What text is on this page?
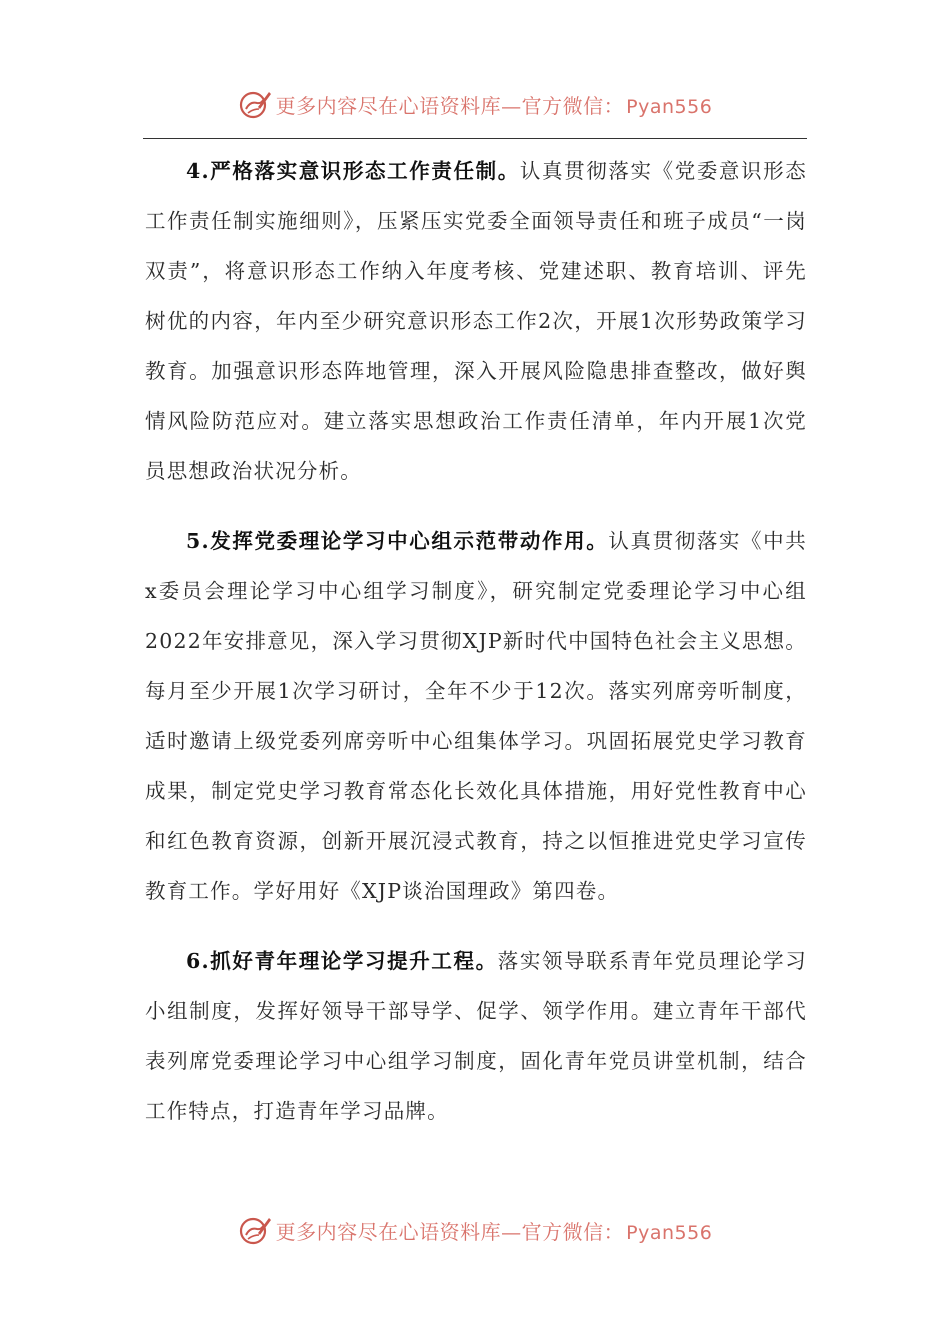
更多内容尽在心语资料库—官方微信： Pyan556

4.严格落实意识形态工作责任制。认真贯彻落实《党委意识形态工作责任制实施细则》，压紧压实党委全面领导责任和班子成员“一岗双责”，将意识形态工作纳入年度考核、党建述职、教育培训、评先树优的内容，年内至少研究意识形态工作2次，开展1次形势政策学习教育。加强意识形态阵地管理，深入开展风险隐患排查整改，做好舆情风险防范应对。建立落实思想政治工作责任清单，年内开展1次党员思想政治状况分析。

5.发挥党委理论学习中心组示范带动作用。认真贯彻落实《中共x委员会理论学习中心组学习制度》，研究制定党委理论学习中心组2022年安排意见，深入学习贯彻XJP新时代中国特色社会主义思想。每月至少开展1次学习研讨，全年不少于12次。落实列席旁听制度，适时邀请上级党委列席旁听中心组集体学习。巩固拓展党史学习教育成果，制定党史学习教育常态化长效化具体措施，用好党性教育中心和红色教育资源，创新开展沉浸式教育，持之以恒推进党史学习宣传教育工作。学好用好《XJP谈治国理政》第四卷。

6.抓好青年理论学习提升工程。落实领导联系青年党员理论学习小组制度，发挥好领导干部导学、促学、领学作用。建立青年干部代表列席党委理论学习中心组学习制度，固化青年党员讲堂机制，结合工作特点，打造青年学习品牌。

更多内容尽在心语资料库—官方微信： Pyan556
